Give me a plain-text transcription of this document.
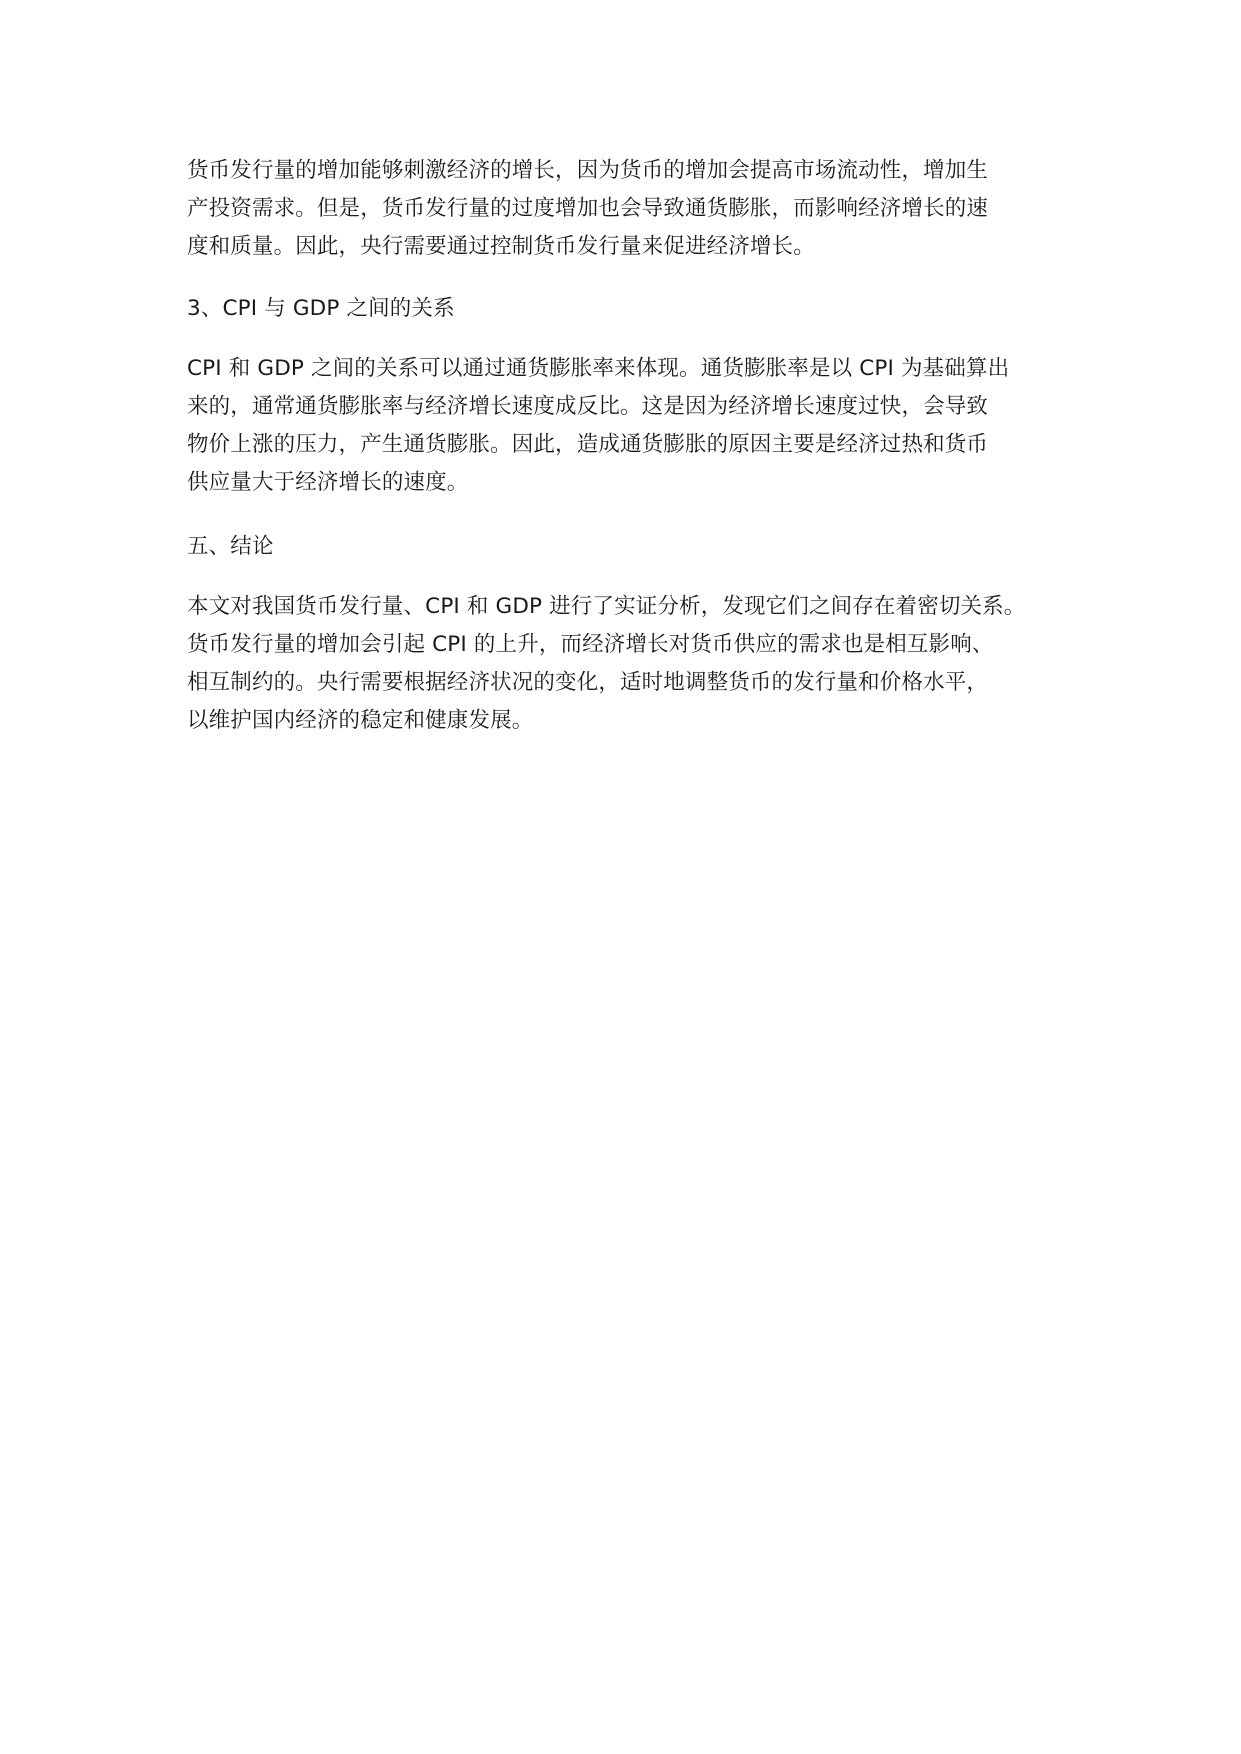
货币发行量的增加能够刺激经济的增长，因为货币的增加会提高市场流动性，增加生

产投资需求。但是，货币发行量的过度增加也会导致通货膨胀，而影响经济增长的速

度和质量。因此，央行需要通过控制货币发行量来促进经济增长。

3、CPI 与 GDP 之间的关系

CPI 和 GDP 之间的关系可以通过通货膨胀率来体现。通货膨胀率是以 CPI 为基础算出

来的，通常通货膨胀率与经济增长速度成反比。这是因为经济增长速度过快，会导致

物价上涨的压力，产生通货膨胀。因此，造成通货膨胀的原因主要是经济过热和货币

供应量大于经济增长的速度。

五、结论

本文对我国货币发行量、CPI 和 GDP 进行了实证分析，发现它们之间存在着密切关系。

货币发行量的增加会引起 CPI 的上升，而经济增长对货币供应的需求也是相互影响、

相互制约的。央行需要根据经济状况的变化，适时地调整货币的发行量和价格水平，

以维护国内经济的稳定和健康发展。
